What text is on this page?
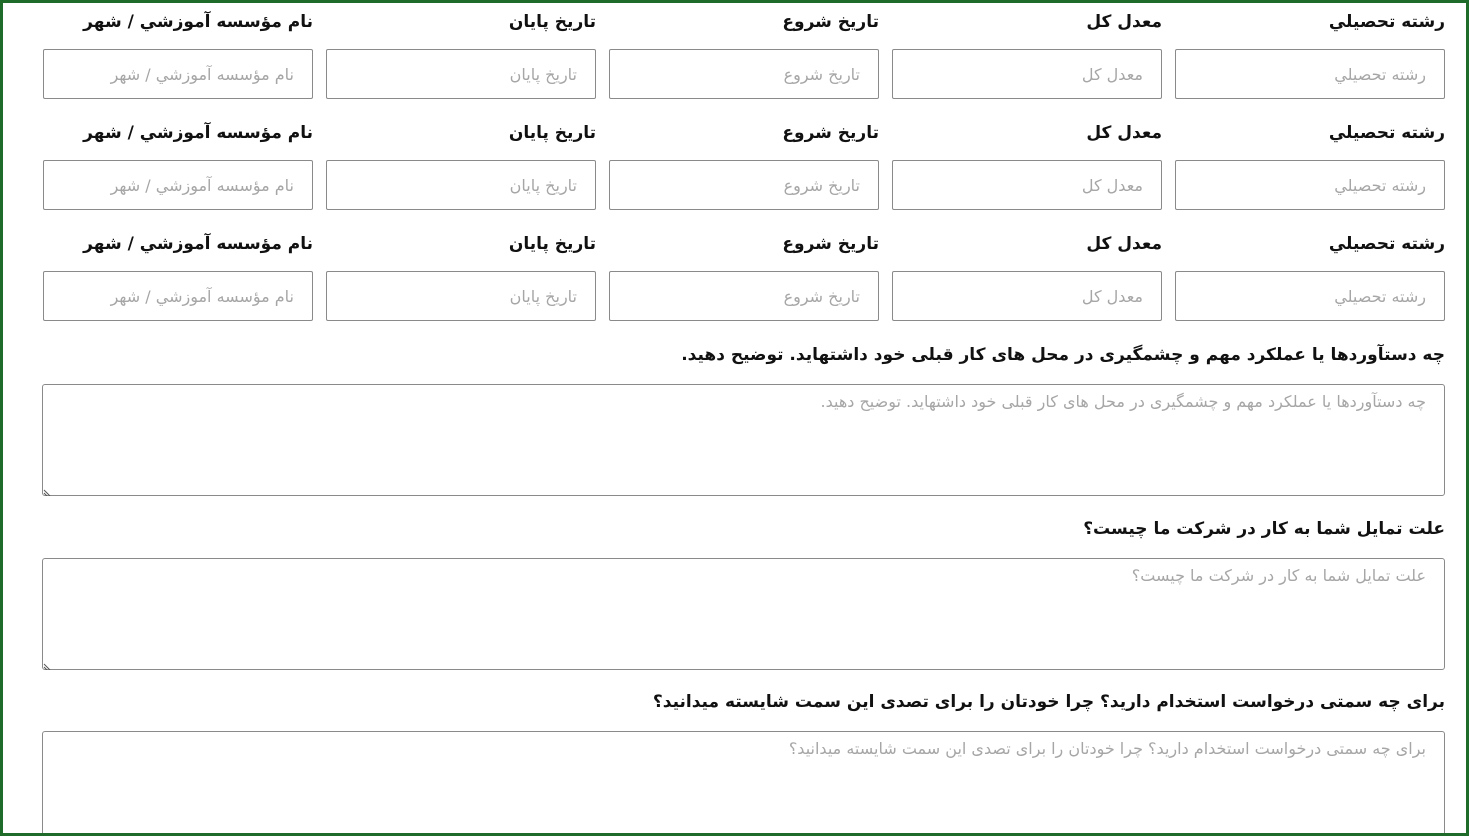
رشته تحصيلي
رشته تحصيلي
معدل کل
معدل کل
تاریخ شروع
تاریخ شروع
تاریخ پایان
تاریخ پایان
نام مؤسسه آموزشي / شهر
نام مؤسسه آموزشي / شهر
رشته تحصيلي
رشته تحصيلي
معدل کل
معدل کل
تاریخ شروع
تاریخ شروع
تاریخ پایان
تاریخ پایان
نام مؤسسه آموزشي / شهر
نام مؤسسه آموزشي / شهر
رشته تحصيلي
رشته تحصيلي
معدل کل
معدل کل
تاریخ شروع
تاریخ شروع
تاریخ پایان
تاریخ پایان
نام مؤسسه آموزشي / شهر
نام مؤسسه آموزشي / شهر
چه دستآوردها یا عملکرد مهم و چشمگیری در محل های کار قبلی خود داشتهاید. توضیح دهید.
چه دستآوردها یا عملکرد مهم و چشمگیری در محل های کار قبلی خود داشتهاید. توضیح دهید.
علت تمایل شما به کار در شرکت ما چیست؟
علت تمایل شما به کار در شرکت ما چیست؟
برای چه سمتی درخواست استخدام دارید؟ چرا خودتان را برای تصدی این سمت شایسته میدانید؟
برای چه سمتی درخواست استخدام دارید؟ چرا خودتان را برای تصدی این سمت شایسته میدانید؟
